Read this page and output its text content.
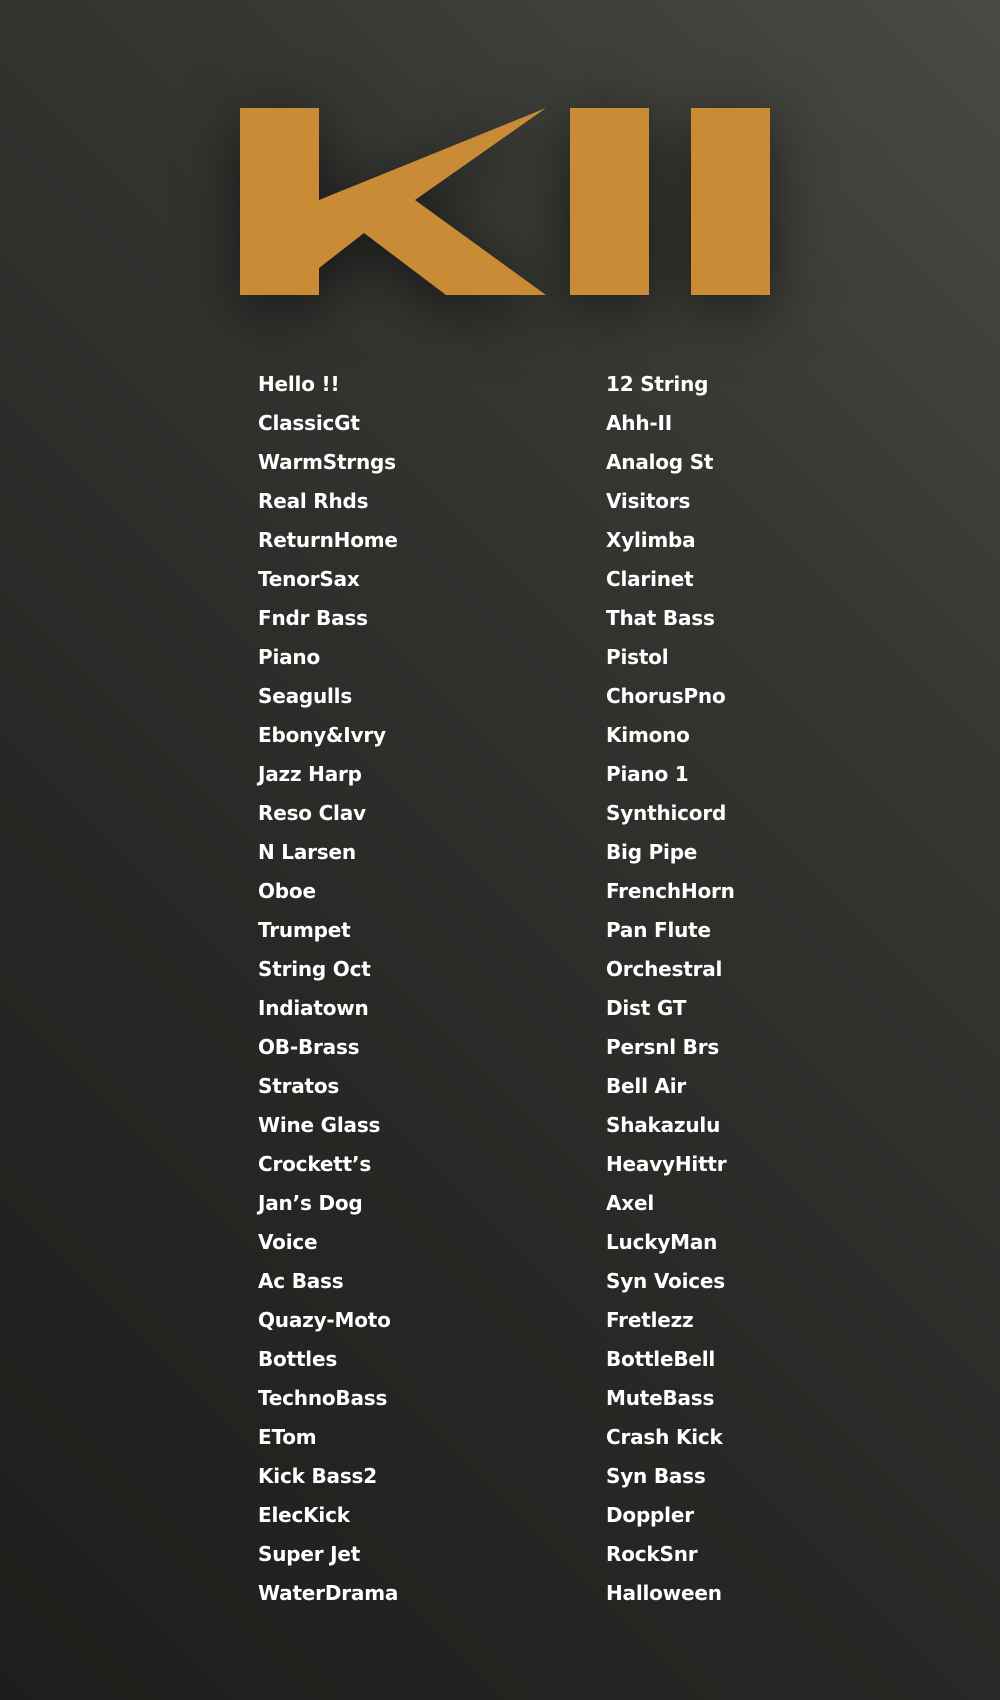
Hello !!
ClassicGt
WarmStrngs
Real Rhds
ReturnHome
TenorSax
Fndr Bass
Piano
Seagulls
Ebony&Ivry
Jazz Harp
Reso Clav
N Larsen
Oboe
Trumpet
String Oct
Indiatown
OB-Brass
Stratos
Wine Glass
Crockett’s
Jan’s Dog
Voice
Ac Bass
Quazy-Moto
Bottles
TechnoBass
ETom
Kick Bass2
ElecKick
Super Jet
WaterDrama
12 String
Ahh-II
Analog St
Visitors
Xylimba
Clarinet
That Bass
Pistol
ChorusPno
Kimono
Piano 1
Synthicord
Big Pipe
FrenchHorn
Pan Flute
Orchestral
Dist GT
Persnl Brs
Bell Air
Shakazulu
HeavyHittr
Axel
LuckyMan
Syn Voices
Fretlezz
BottleBell
MuteBass
Crash Kick
Syn Bass
Doppler
RockSnr
Halloween
